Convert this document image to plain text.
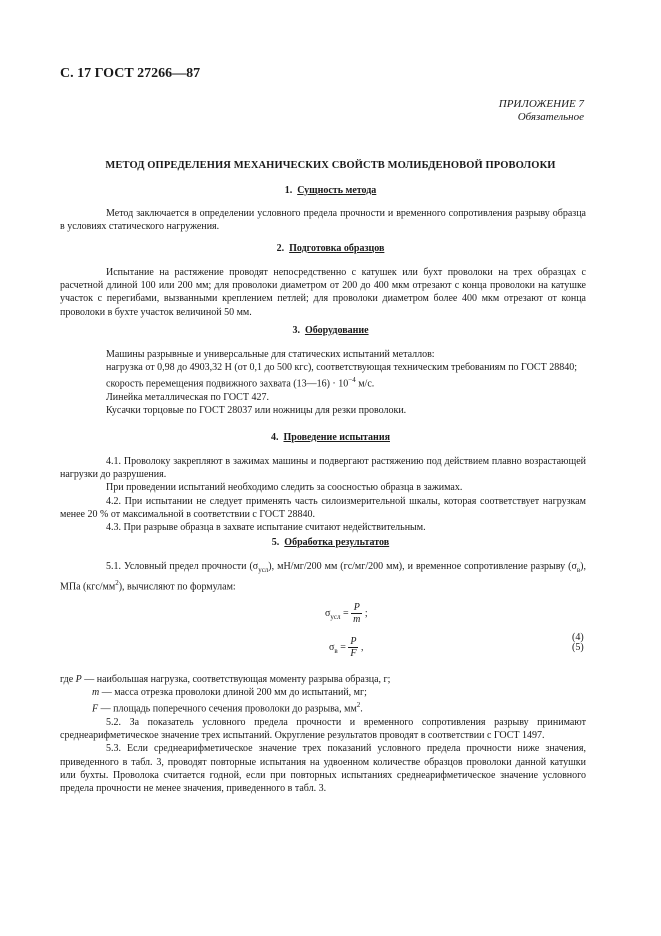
С. 17 ГОСТ 27266—87
ПРИЛОЖЕНИЕ 7
Обязательное
МЕТОД ОПРЕДЕЛЕНИЯ МЕХАНИЧЕСКИХ СВОЙСТВ МОЛИБДЕНОВОЙ ПРОВОЛОКИ
1. Сущность метода

Метод заключается в определении условного предела прочности и временного сопротивления разрыву образца в условиях статического нагружения.

2. Подготовка образцов

Испытание на растяжение проводят непосредственно с катушек или бухт проволоки на трех образцах с расчетной длиной 100 или 200 мм; для проволоки диаметром от 200 до 400 мкм отрезают с конца проволоки на катушке участок с перегибами, вызванными креплением петлей; для проволоки диаметром более 400 мкм отрезают от конца проволоки в бухте участок величиной 50 мм.

3. Оборудование

Машины разрывные и универсальные для статических испытаний металлов:

нагрузка от 0,98 до 4903,32 Н (от 0,1 до 500 кгс), соответствующая техническим требованиям по ГОСТ 28840;

скорость перемещения подвижного захвата (13—16) · $10^{-4}$ м/с.

Линейка металлическая по ГОСТ 427.

Кусачки торцовые по ГОСТ 28037 или ножницы для резки проволоки.

4. Проведение испытания

4.1. Проволоку закрепляют в зажимах машины и подвергают растяжению под действием плавно возрастающей нагрузки до разрушения.

При проведении испытаний необходимо следить за соосностью образца в зажимах.

4.2. При испытании не следует применять часть силоизмерительной шкалы, которая соответствует нагрузкам менее 20 % от максимальной в соответствии с ГОСТ 28840.

4.3. При разрыве образца в захвате испытание считают недействительным.

5. Обработка результатов

5.1. Условный предел прочности $(\sigma_{усл})$, мН/мг/200 мм (гс/мг/200 мм), и временное сопротивление разрыву $(\sigma_в)$, МПа $(кгс/мм^2)$, вычисляют по формулам:

$\sigma_{усл} = \frac{P}{m}$ ;
(4)
$\sigma_в = \frac{P}{F}$ ,	(5)

где P — наибольшая нагрузка, соответствующая моменту разрыва образца, г;

m — масса отрезка проволоки длиной 200 мм до испытаний, мг;

F — площадь поперечного сечения проволоки до разрыва, $мм^2$.

5.2. За показатель условного предела прочности и временного сопротивления разрыву принимают среднеарифметическое значение трех испытаний. Округление результатов проводят в соответствии с ГОСТ 1497.

5.3. Если среднеарифметическое значение трех показаний условного предела прочности ниже значения, приведенного в табл. 3, проводят повторные испытания на удвоенном количестве образцов проволоки данной катушки или бухты. Проволока считается годной, если при повторных испытаниях среднеарифметическое значение условного предела прочности не менее значения, приведенного в табл. 3.
